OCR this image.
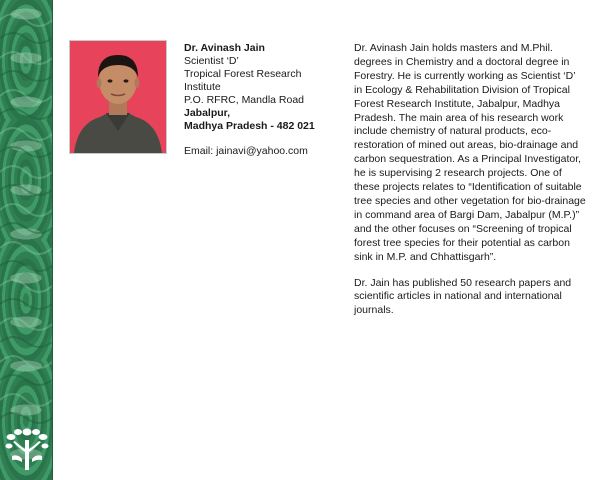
Dr. Avinash Jain
Scientist ‘D’
Tropical Forest Research
Institute
P.O. RFRC, Mandla Road
Jabalpur,
Madhya Pradesh - 482 021
Email: jainavi@yahoo.com

Dr. Avinash Jain holds masters and M.Phil. degrees in Chemistry and a doctoral degree in Forestry. He is currently working as Scientist ‘D’ in Ecology & Rehabilitation Division of Tropical Forest Research Institute, Jabalpur, Madhya Pradesh. The main area of his research work include chemistry of natural products, eco-restoration of mined out areas, bio-drainage and carbon sequestration. As a Principal Investigator, he is supervising 2 research projects. One of these projects relates to “Identification of suitable tree species and other vegetation for bio-drainage in command area of Bargi Dam, Jabalpur (M.P.)” and the other focuses on “Screening of tropical forest tree species for their potential as carbon sink in M.P. and Chhattisgarh”.

Dr. Jain has published 50 research papers and scientific articles in national and international journals.
